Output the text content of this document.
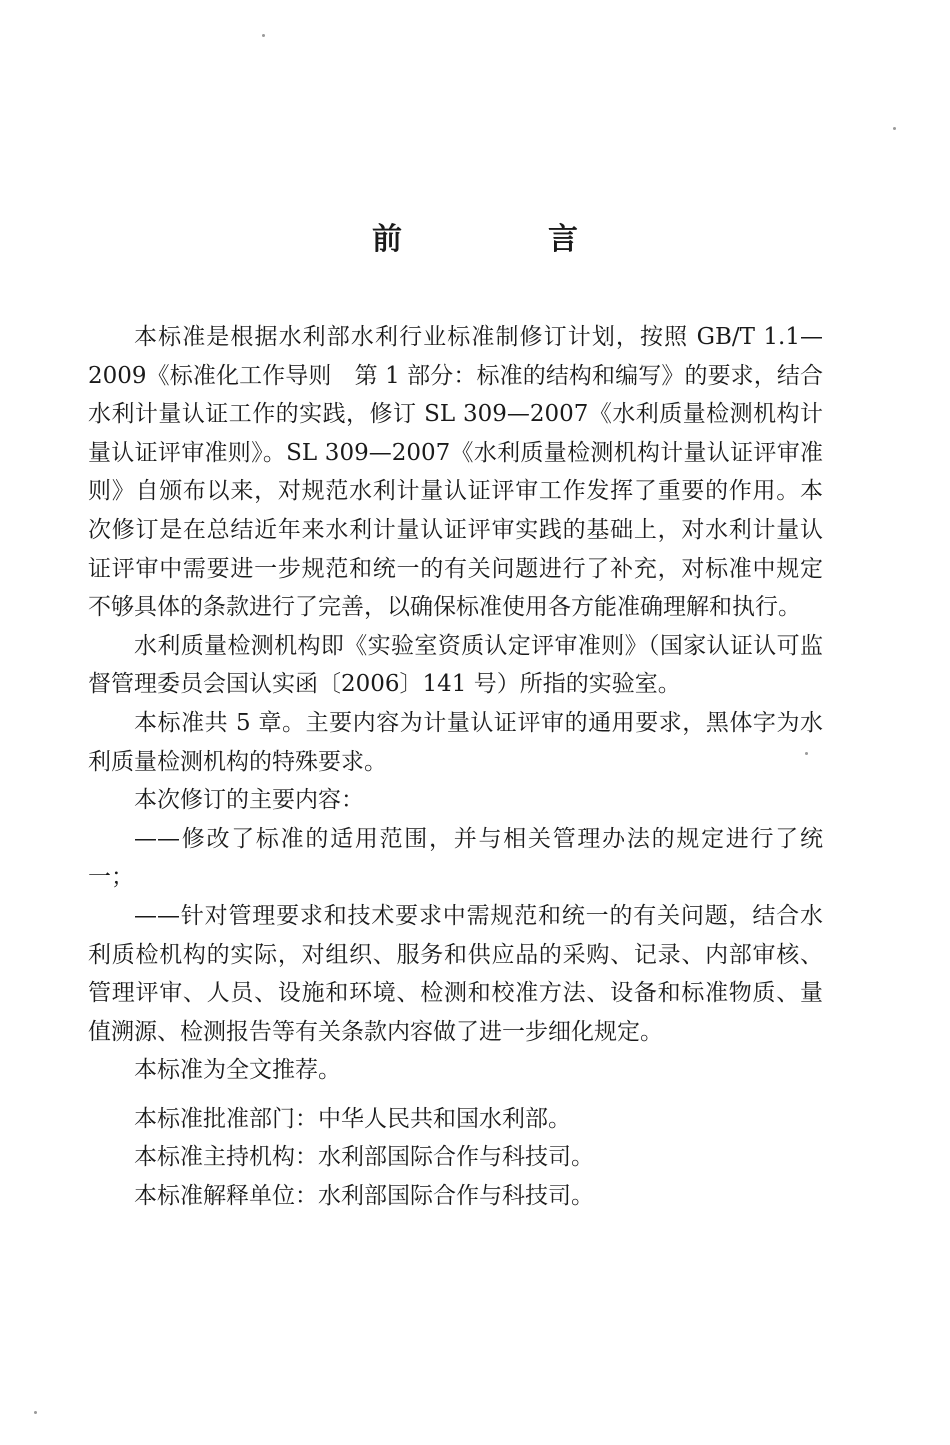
前　言

本标准是根据水利部水利行业标准制修订计划，按照 GB/T 1.1—2009《标准化工作导则　第 1 部分：标准的结构和编写》的要求，结合水利计量认证工作的实践，修订 SL 309—2007《水利质量检测机构计量认证评审准则》。SL 309—2007《水利质量检测机构计量认证评审准则》自颁布以来，对规范水利计量认证评审工作发挥了重要的作用。本次修订是在总结近年来水利计量认证评审实践的基础上，对水利计量认证评审中需要进一步规范和统一的有关问题进行了补充，对标准中规定不够具体的条款进行了完善，以确保标准使用各方能准确理解和执行。

水利质量检测机构即《实验室资质认定评审准则》（国家认证认可监督管理委员会国认实函〔2006〕141 号）所指的实验室。

本标准共 5 章。主要内容为计量认证评审的通用要求，黑体字为水利质量检测机构的特殊要求。

本次修订的主要内容：

——修改了标准的适用范围，并与相关管理办法的规定进行了统一；

——针对管理要求和技术要求中需规范和统一的有关问题，结合水利质检机构的实际，对组织、服务和供应品的采购、记录、内部审核、管理评审、人员、设施和环境、检测和校准方法、设备和标准物质、量值溯源、检测报告等有关条款内容做了进一步细化规定。

本标准为全文推荐。

本标准批准部门：中华人民共和国水利部。

本标准主持机构：水利部国际合作与科技司。

本标准解释单位：水利部国际合作与科技司。
